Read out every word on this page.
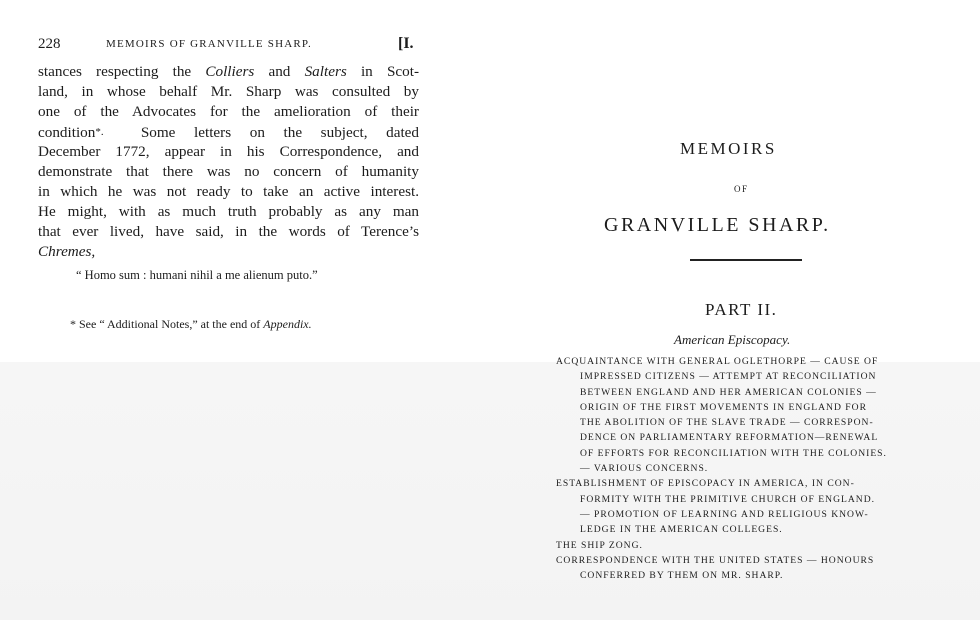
228	MEMOIRS OF GRANVILLE SHARP.	[I.
stances respecting the Colliers and Salters in Scot-
land, in whose behalf Mr. Sharp was consulted by
one of the Advocates for the amelioration of their
condition*.  Some letters on the subject, dated
December 1772, appear in his Correspondence, and
demonstrate that there was no concern of humanity
in which he was not ready to take an active interest.
He might, with as much truth probably as any man
that ever lived, have said, in the words of Terence’s
Chremes,
“ Homo sum : humani nihil a me alienum puto.”
* See “ Additional Notes,” at the end of Appendix.
MEMOIRS
OF
GRANVILLE SHARP.
PART II.
American Episcopacy.
ACQUAINTANCE WITH GENERAL OGLETHORPE — CAUSE OF
IMPRESSED CITIZENS — ATTEMPT AT RECONCILIATION
BETWEEN ENGLAND AND HER AMERICAN COLONIES —
ORIGIN OF THE FIRST MOVEMENTS IN ENGLAND FOR
THE ABOLITION OF THE SLAVE TRADE — CORRESPON-
DENCE ON PARLIAMENTARY REFORMATION—RENEWAL
OF EFFORTS FOR RECONCILIATION WITH THE COLONIES.
— VARIOUS CONCERNS.
ESTABLISHMENT OF EPISCOPACY IN AMERICA, IN CON-
FORMITY WITH THE PRIMITIVE CHURCH OF ENGLAND.
— PROMOTION OF LEARNING AND RELIGIOUS KNOW-
LEDGE IN THE AMERICAN COLLEGES.
THE SHIP ZONG.
CORRESPONDENCE WITH THE UNITED STATES — HONOURS
CONFERRED BY THEM ON MR. SHARP.
